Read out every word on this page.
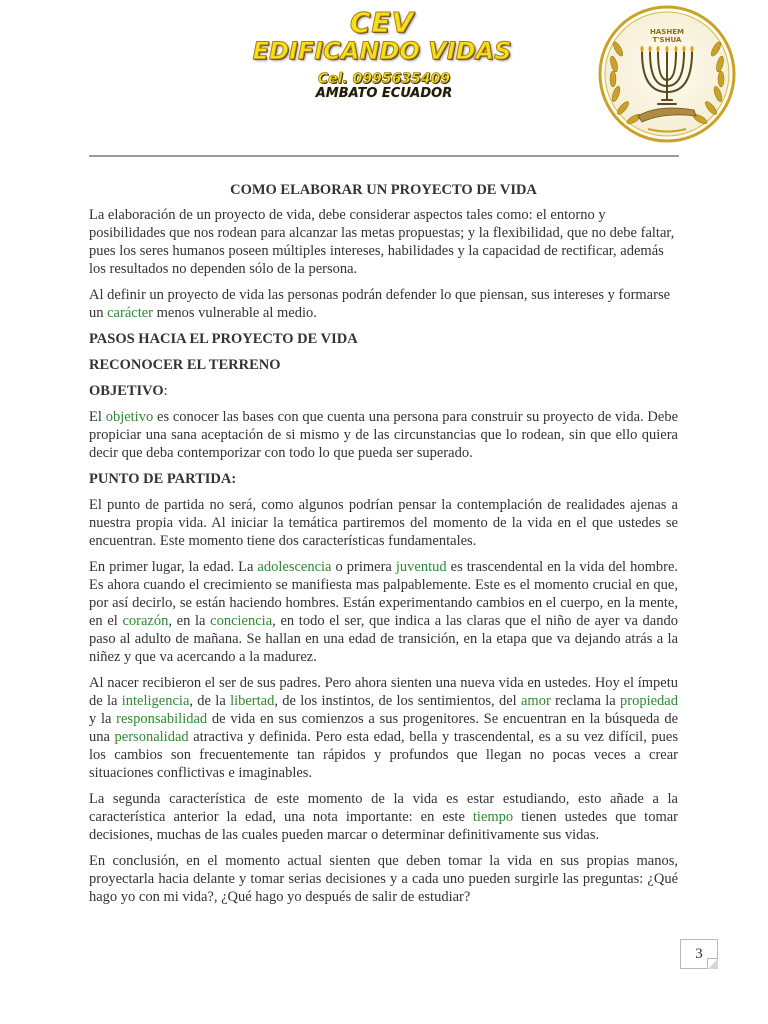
CEV
EDIFICANDO VIDAS
Cel. 0995635409
AMBATO ECUADOR
HASHEM
T'SHUA

COMO ELABORAR UN PROYECTO DE VIDA

La elaboración de un proyecto de vida, debe considerar aspectos tales como: el entorno y posibilidades que nos rodean para alcanzar las metas propuestas; y la flexibilidad, que no debe faltar, pues los seres humanos poseen múltiples intereses, habilidades y la capacidad de rectificar, además los resultados no dependen sólo de la persona.

Al definir un proyecto de vida las personas podrán defender lo que piensan, sus intereses y formarse un carácter menos vulnerable al medio.

PASOS HACIA EL PROYECTO DE VIDA

RECONOCER EL TERRENO

OBJETIVO:

El objetivo es conocer las bases con que cuenta una persona para construir su proyecto de vida. Debe propiciar una sana aceptación de si mismo y de las circunstancias que lo rodean, sin que ello quiera decir que deba contemporizar con todo lo que pueda ser superado.

PUNTO DE PARTIDA:

El punto de partida no será, como algunos podrían pensar la contemplación de realidades ajenas a nuestra propia vida. Al iniciar la temática partiremos del momento de la vida en el que ustedes se encuentran. Este momento tiene dos características fundamentales.

En primer lugar, la edad. La adolescencia o primera juventud es trascendental en la vida del hombre. Es ahora cuando el crecimiento se manifiesta mas palpablemente. Este es el momento crucial en que, por así decirlo, se están haciendo hombres. Están experimentando cambios en el cuerpo, en la mente, en el corazón, en la conciencia, en todo el ser, que indica a las claras que el niño de ayer va dando paso al adulto de mañana. Se hallan en una edad de transición, en la etapa que va dejando atrás a la niñez y que va acercando a la madurez.

Al nacer recibieron el ser de sus padres. Pero ahora sienten una nueva vida en ustedes. Hoy el ímpetu de la inteligencia, de la libertad, de los instintos, de los sentimientos, del amor reclama la propiedad y la responsabilidad de vida en sus comienzos a sus progenitores. Se encuentran en la búsqueda de una personalidad atractiva y definida. Pero esta edad, bella y trascendental, es a su vez difícil, pues los cambios son frecuentemente tan rápidos y profundos que llegan no pocas veces a crear situaciones conflictivas e imaginables.

La segunda característica de este momento de la vida es estar estudiando, esto añade a la característica anterior la edad, una nota importante: en este tiempo tienen ustedes que tomar decisiones, muchas de las cuales pueden marcar o determinar definitivamente sus vidas.

En conclusión, en el momento actual sienten que deben tomar la vida en sus propias manos, proyectarla hacia delante y tomar serias decisiones y a cada uno pueden surgirle las preguntas: ¿Qué hago yo con mi vida?, ¿Qué hago yo después de salir de estudiar?

3
